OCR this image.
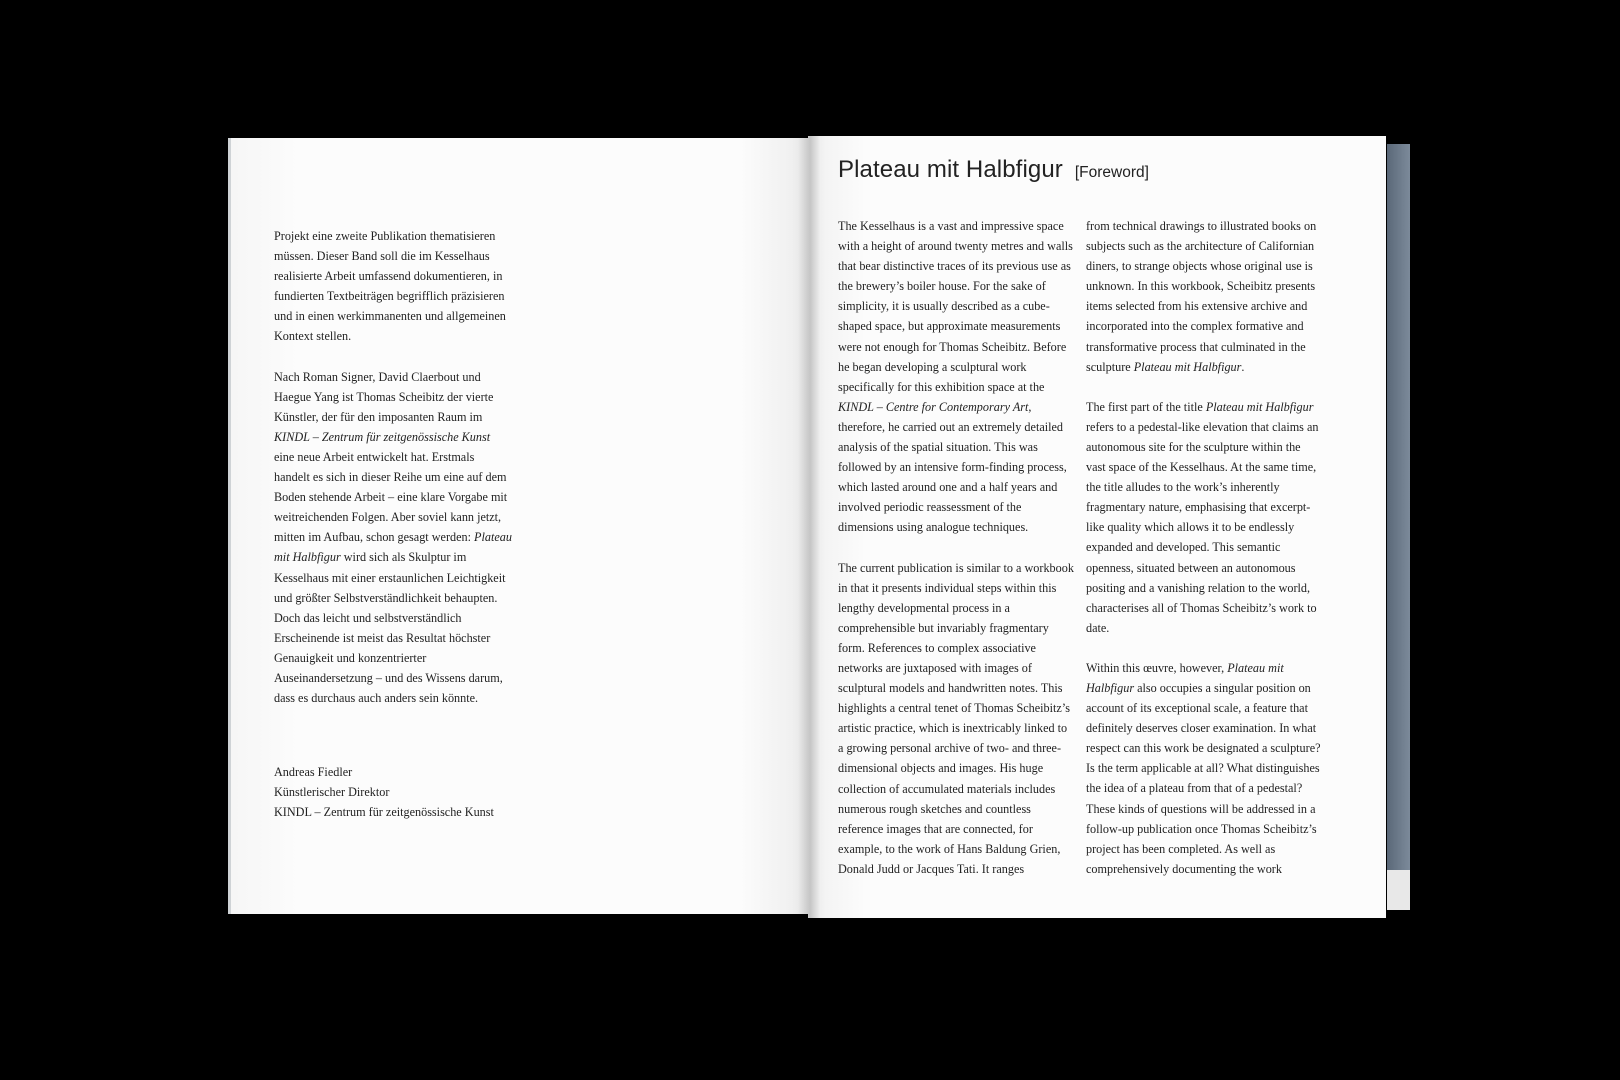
Projekt eine zweite Publikation thematisieren müssen. Dieser Band soll die im Kesselhaus realisierte Arbeit umfassend dokumentieren, in fundierten Textbeiträgen begrifflich präzisieren und in einen werkimmanenten und allgemeinen Kontext stellen.

Nach Roman Signer, David Claerbout und Haegue Yang ist Thomas Scheibitz der vierte Künstler, der für den imposanten Raum im KINDL – Zentrum für zeitgenössische Kunst eine neue Arbeit entwickelt hat. Erstmals handelt es sich in dieser Reihe um eine auf dem Boden stehende Arbeit – eine klare Vorgabe mit weitreichenden Folgen. Aber soviel kann jetzt, mitten im Aufbau, schon gesagt werden: Plateau mit Halbfigur wird sich als Skulptur im Kesselhaus mit einer erstaunlichen Leichtigkeit und größter Selbstverständlichkeit behaupten. Doch das leicht und selbstverständlich Erscheinende ist meist das Resultat höchster Genauigkeit und konzentrierter Auseinandersetzung – und des Wissens darum, dass es durchaus auch anders sein könnte.

Andreas Fiedler
Künstlerischer Direktor
KINDL – Zentrum für zeitgenössische Kunst
Plateau mit Halbfigur [Foreword]

The Kesselhaus is a vast and impressive space with a height of around twenty metres and walls that bear distinctive traces of its previous use as the brewery’s boiler house. For the sake of simplicity, it is usually described as a cube-shaped space, but approximate measurements were not enough for Thomas Scheibitz. Before he began developing a sculptural work specifically for this exhibition space at the KINDL – Centre for Contemporary Art, therefore, he carried out an extremely detailed analysis of the spatial situation. This was followed by an intensive form-finding process, which lasted around one and a half years and involved periodic reassessment of the dimensions using analogue techniques.

The current publication is similar to a workbook in that it presents individual steps within this lengthy developmental process in a comprehensible but invariably fragmentary form. References to complex associative networks are juxtaposed with images of sculptural models and handwritten notes. This highlights a central tenet of Thomas Scheibitz’s artistic practice, which is inextricably linked to a growing personal archive of two- and three-dimensional objects and images. His huge collection of accumulated materials includes numerous rough sketches and countless reference images that are connected, for example, to the work of Hans Baldung Grien, Donald Judd or Jacques Tati. It ranges

from technical drawings to illustrated books on subjects such as the architecture of Californian diners, to strange objects whose original use is unknown. In this workbook, Scheibitz presents items selected from his extensive archive and incorporated into the complex formative and transformative process that culminated in the sculpture Plateau mit Halbfigur.

The first part of the title Plateau mit Halbfigur refers to a pedestal-like elevation that claims an autonomous site for the sculpture within the vast space of the Kesselhaus. At the same time, the title alludes to the work’s inherently fragmentary nature, emphasising that excerpt-like quality which allows it to be endlessly expanded and developed. This semantic openness, situated between an autonomous positing and a vanishing relation to the world, characterises all of Thomas Scheibitz’s work to date.

Within this œuvre, however, Plateau mit Halbfigur also occupies a singular position on account of its exceptional scale, a feature that definitely deserves closer examination. In what respect can this work be designated a sculpture? Is the term applicable at all? What distinguishes the idea of a plateau from that of a pedestal? These kinds of questions will be addressed in a follow-up publication once Thomas Scheibitz’s project has been completed. As well as comprehensively documenting the work
